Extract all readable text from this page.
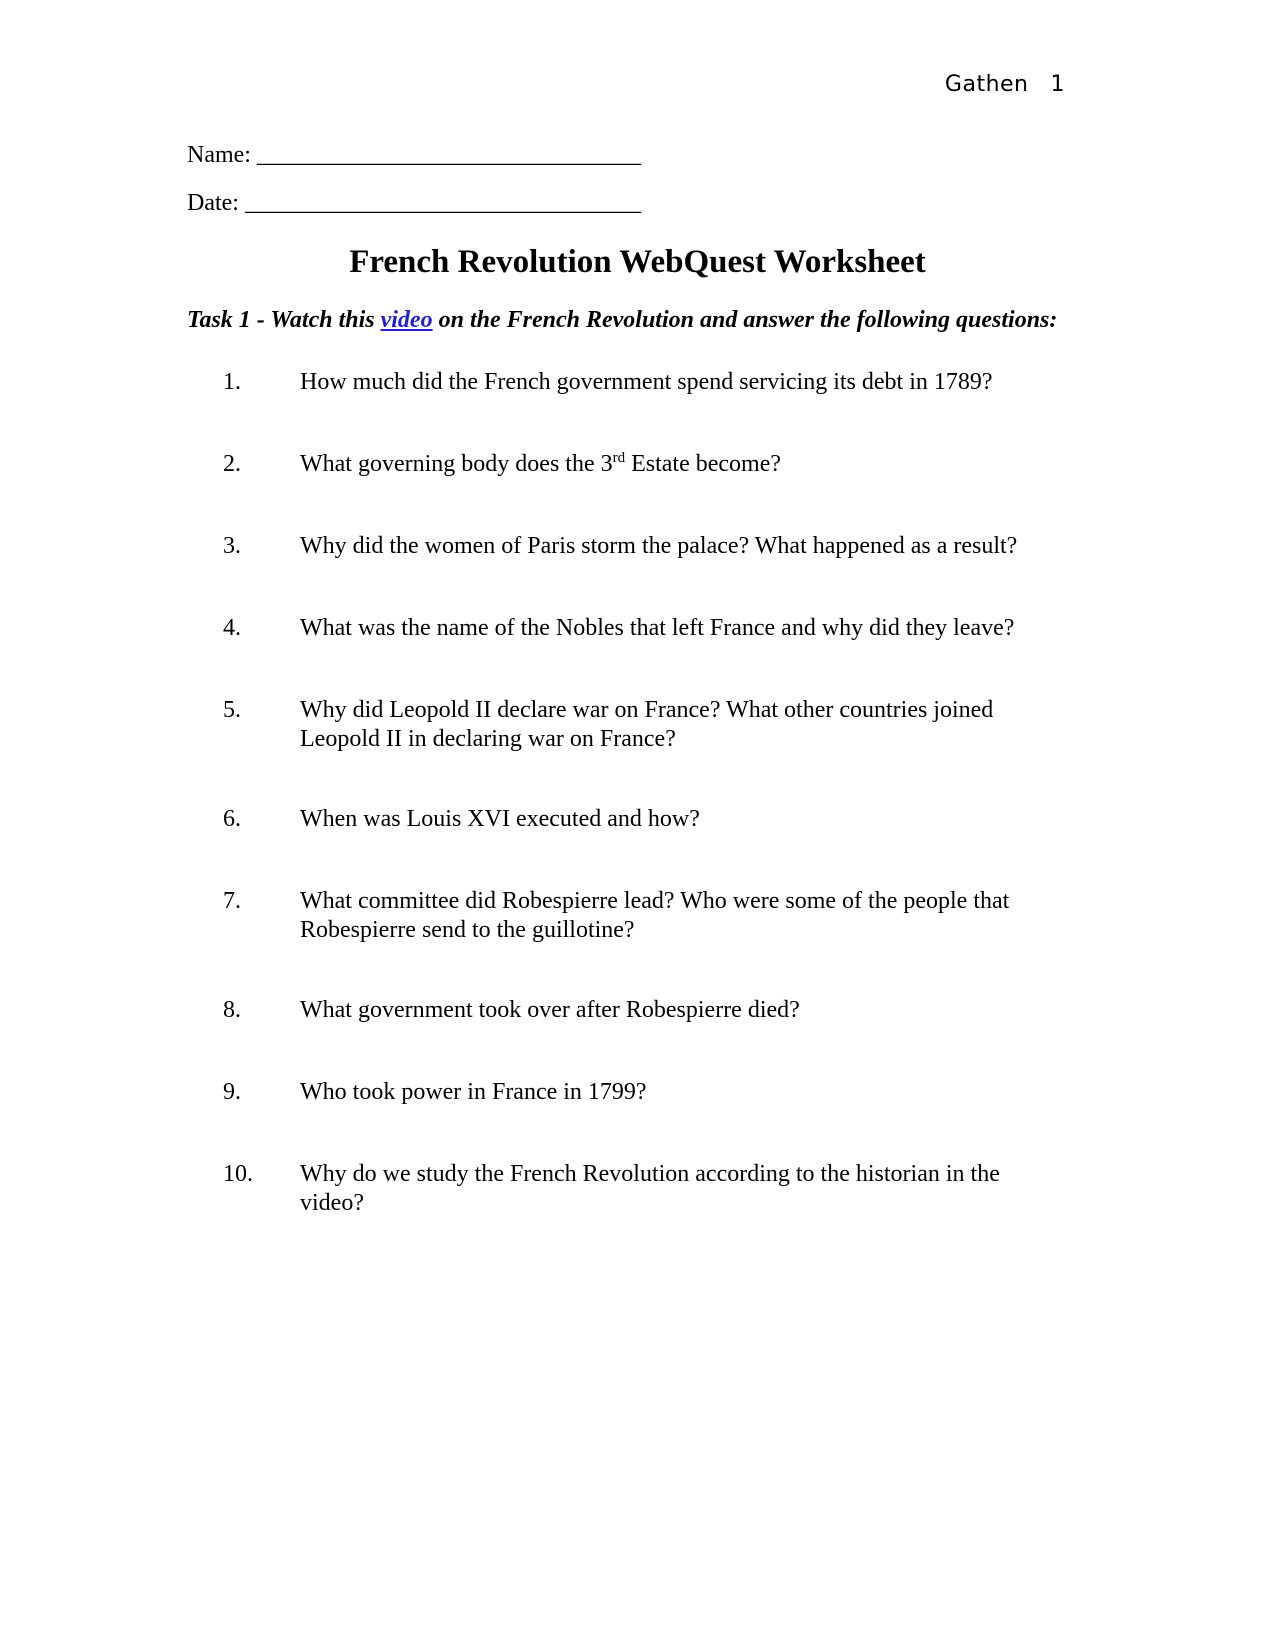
Gathen 1
Name: ________________________________
Date: _________________________________
French Revolution WebQuest Worksheet
Task 1 - Watch this video on the French Revolution and answer the following questions:
1.	How much did the French government spend servicing its debt in 1789?
2.	What governing body does the 3rd Estate become?
3.	Why did the women of Paris storm the palace? What happened as a result?
4.	What was the name of the Nobles that left France and why did they leave?
5.	Why did Leopold II declare war on France? What other countries joined Leopold II in declaring war on France?
6.	When was Louis XVI executed and how?
7.	What committee did Robespierre lead? Who were some of the people that Robespierre send to the guillotine?
8.	What government took over after Robespierre died?
9.	Who took power in France in 1799?
10.	Why do we study the French Revolution according to the historian in the video?
